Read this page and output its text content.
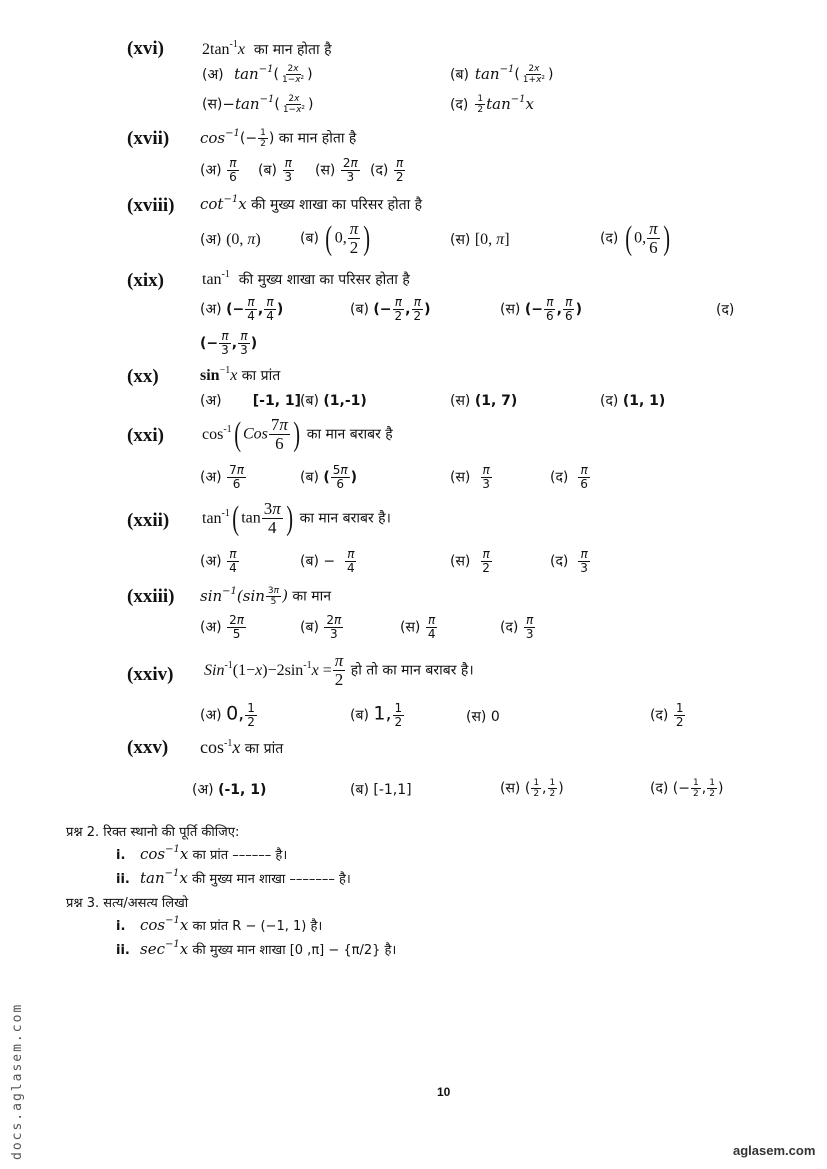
(xvi) $2\tan^{-1}x$ का मान होता है
(अ) $\tan^{-1}( \frac{2x}{\text{1−x²}}$ )	(ब) $\tan^{-1}( \frac{2x}{\text{1+x²}}$ )
$(स)-\tan^{-1}( \frac{2x}{\text{1−x²}}$ )	(द) $\frac{1}{2} \tan^{-1}x$
(xvii) $\cos^{-1}(- \frac{1}{2}$ ) का मान होता है
(अ) $\frac{\pi}{6}$ (ब) $\frac{\pi}{3}$ (स) $\frac{2\pi}{3}$ (द) $\frac{\pi}{2}$
(xviii) $\cot^{-1}x$ की मुख्य शाखा का परिसर होता है
(अ) (0, π)	(ब) ( 0, $\frac{\pi}{2}$ )	(स) [0, π]	(द) ( 0, $\frac{\pi}{6}$ )
(xix) $\tan^{-1}$ की मुख्य शाखा का परिसर होता है
(अ) (− $\frac{\pi}{4}$ , $\frac{\pi}{4}$ )	(ब) (− $\frac{\pi}{2}$ , $\frac{\pi}{2}$ )	(स) (− $\frac{\pi}{6}$ , $\frac{\pi}{6}$ )	(द)
(− $\frac{\pi}{3}$ , $\frac{\pi}{3}$ )
(xx)	$\sin^{-1}x$ का प्रांत
(अ) [-1, 1]
(ब) (1,-1)	(स) (1, 7)	(द) (1, 1)
(xxi) $\cos^{-1}$( Cos $\frac{7\pi}{6}$ ) का मान बराबर है
(अ) $\frac{7\pi}{6}$	(ब) ( $\frac{5\pi}{6}$ )	(स) $\frac{\pi}{3}$	(द) $\frac{\pi}{6}$
(xxii) $\tan^{-1}$( $\tan \frac{3\pi}{4}$ ) का मान बराबर है।
(अ) $\frac{\pi}{4}$	(ब) − $\frac{\pi}{4}$	(स) $\frac{\pi}{2}$	(द) $\frac{\pi}{3}$
(xxiii) $\sin^{-1}(\sin \frac{3\pi}{5}$ ) का मान
(अ) $\frac{2\pi}{5}$	(ब) $\frac{2\pi}{3}$	(स) $\frac{\pi}{4}$	(द) $\frac{\pi}{3}$
(xxiv) $Sin^{-1}(1-x)-2\sin^{-1}x = \frac{\pi}{2}$ हो तो का मान बराबर है।
(अ) 0, $\frac{1}{2}$	(ब) 1, $\frac{1}{2}$	(स) 0	(द) $\frac{1}{2}$
(xxv) $\cos^{-1}x$ का प्रांत
(अ) (-1, 1)	(ब) [-1,1]	(स) ( $\frac{1}{2}$ , $\frac{1}{2}$ )	(द) (− $\frac{1}{2}$ , $\frac{1}{2}$ )
प्रश्न 2. रिक्त स्थानो की पूर्ति कीजिए:
i. $\cos^{-1}x$ का प्रांत –––––– है।
ii. $\tan^{-1}x$ की मुख्य मान शाखा ––––––– है।
प्रश्न 3. सत्य/असत्य लिखो
i. $\cos^{-1}x$ का प्रांत R − (−1, 1) है।
ii. $\sec^{-1}x$ की मुख्य मान शाखा [0 ,π] − {π/2} है।
10
docs.aglasem.com	aglasem.com
